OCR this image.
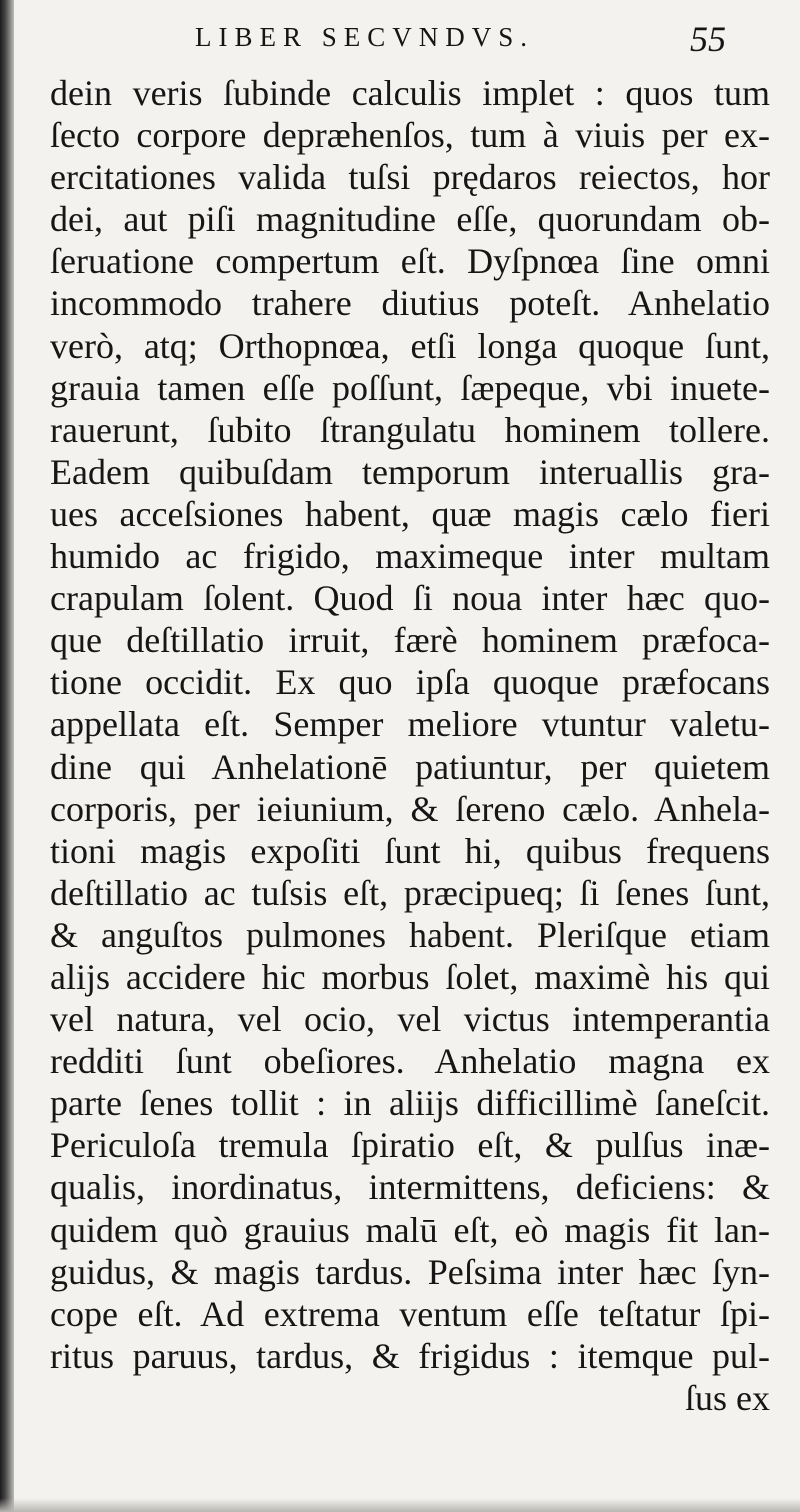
LIBER SECVNDVS.	55
dein veris ſubinde calculis implet : quos tum
ſecto corpore depræhenſos, tum à viuis per ex-
ercitationes valida tuſsi prędaros reiectos, hor
dei, aut piſi magnitudine eſſe, quorundam ob-
ſeruatione compertum eſt. Dyſpnœa ſine omni
incommodo trahere diutius poteſt. Anhelatio
verò, atq; Orthopnœa, etſi longa quoque ſunt,
grauia tamen eſſe poſſunt, ſæpeque, vbi inuete-
rauerunt, ſubito ſtrangulatu hominem tollere.
Eadem quibuſdam temporum interuallis gra-
ues acceſsiones habent, quæ magis cælo fieri
humido ac frigido, maximeque inter multam
crapulam ſolent. Quod ſi noua inter hæc quo-
que deſtillatio irruit, færè hominem præfoca-
tione occidit. Ex quo ipſa quoque præfocans
appellata eſt. Semper meliore vtuntur valetu-
dine qui Anhelationē patiuntur, per quietem
corporis, per ieiunium, & ſereno cælo. Anhela-
tioni magis expoſiti ſunt hi, quibus frequens
deſtillatio ac tuſsis eſt, præcipueq; ſi ſenes ſunt,
& anguſtos pulmones habent. Pleriſque etiam
alijs accidere hic morbus ſolet, maximè his qui
vel natura, vel ocio, vel victus intemperantia
redditi ſunt obeſiores. Anhelatio magna ex
parte ſenes tollit : in aliijs difficillimè ſaneſcit.
Periculoſa tremula ſpiratio eſt, & pulſus inæ-
qualis, inordinatus, intermittens, deficiens: &
quidem quò grauius malū eſt, eò magis fit lan-
guidus, & magis tardus. Peſsima inter hæc ſyn-
cope eſt. Ad extrema ventum eſſe teſtatur ſpi-
ritus paruus, tardus, & frigidus : itemque pul-
ſus ex
